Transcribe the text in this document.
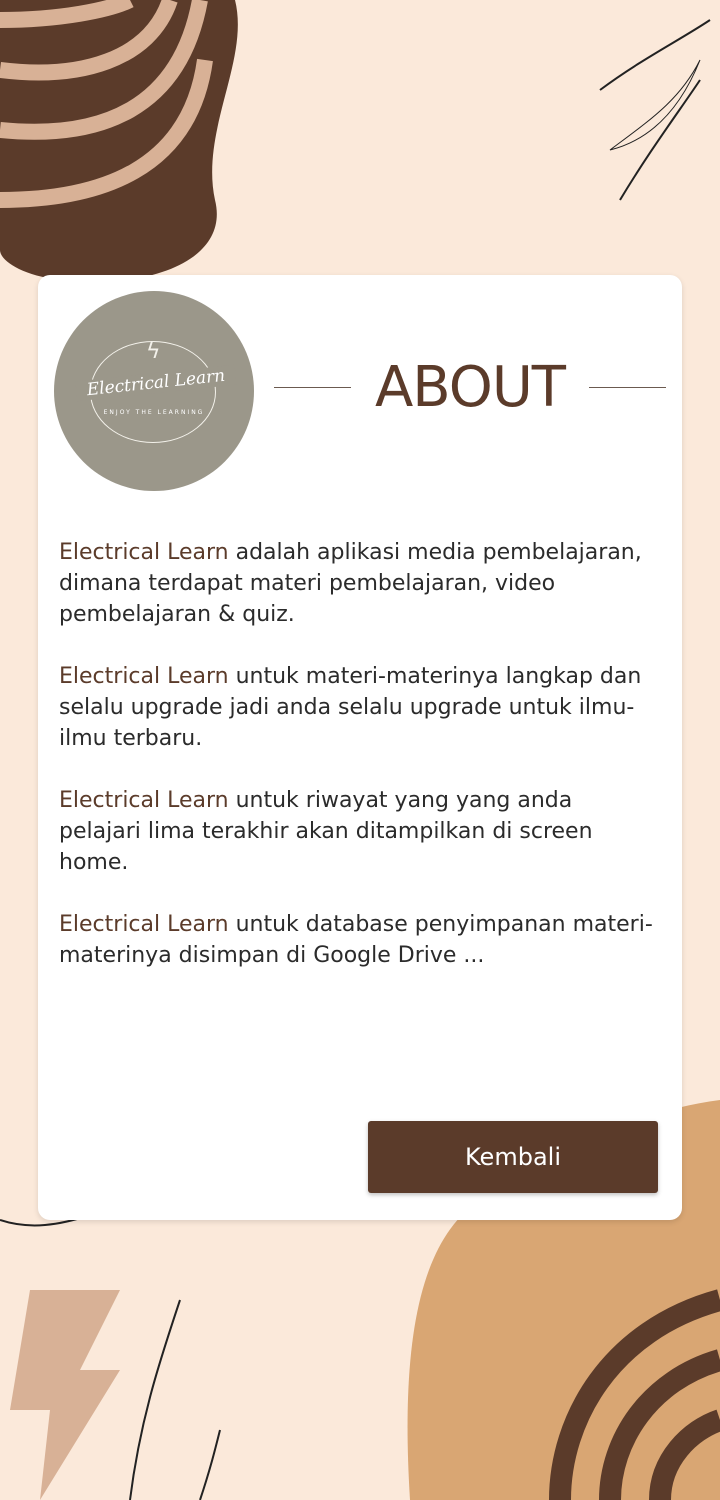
ϟ
Electrical Learn
ENJOY THE LEARNING	ABOUT

Electrical Learn adalah aplikasi media pembelajaran, dimana terdapat materi pembelajaran, video pembelajaran & quiz.

Electrical Learn untuk materi-materinya langkap dan selalu upgrade jadi anda selalu upgrade untuk ilmu-ilmu terbaru.

Electrical Learn untuk riwayat yang yang anda pelajari lima terakhir akan ditampilkan di screen home.

Electrical Learn untuk database penyimpanan materi-materinya disimpan di Google Drive ...

Kembali
